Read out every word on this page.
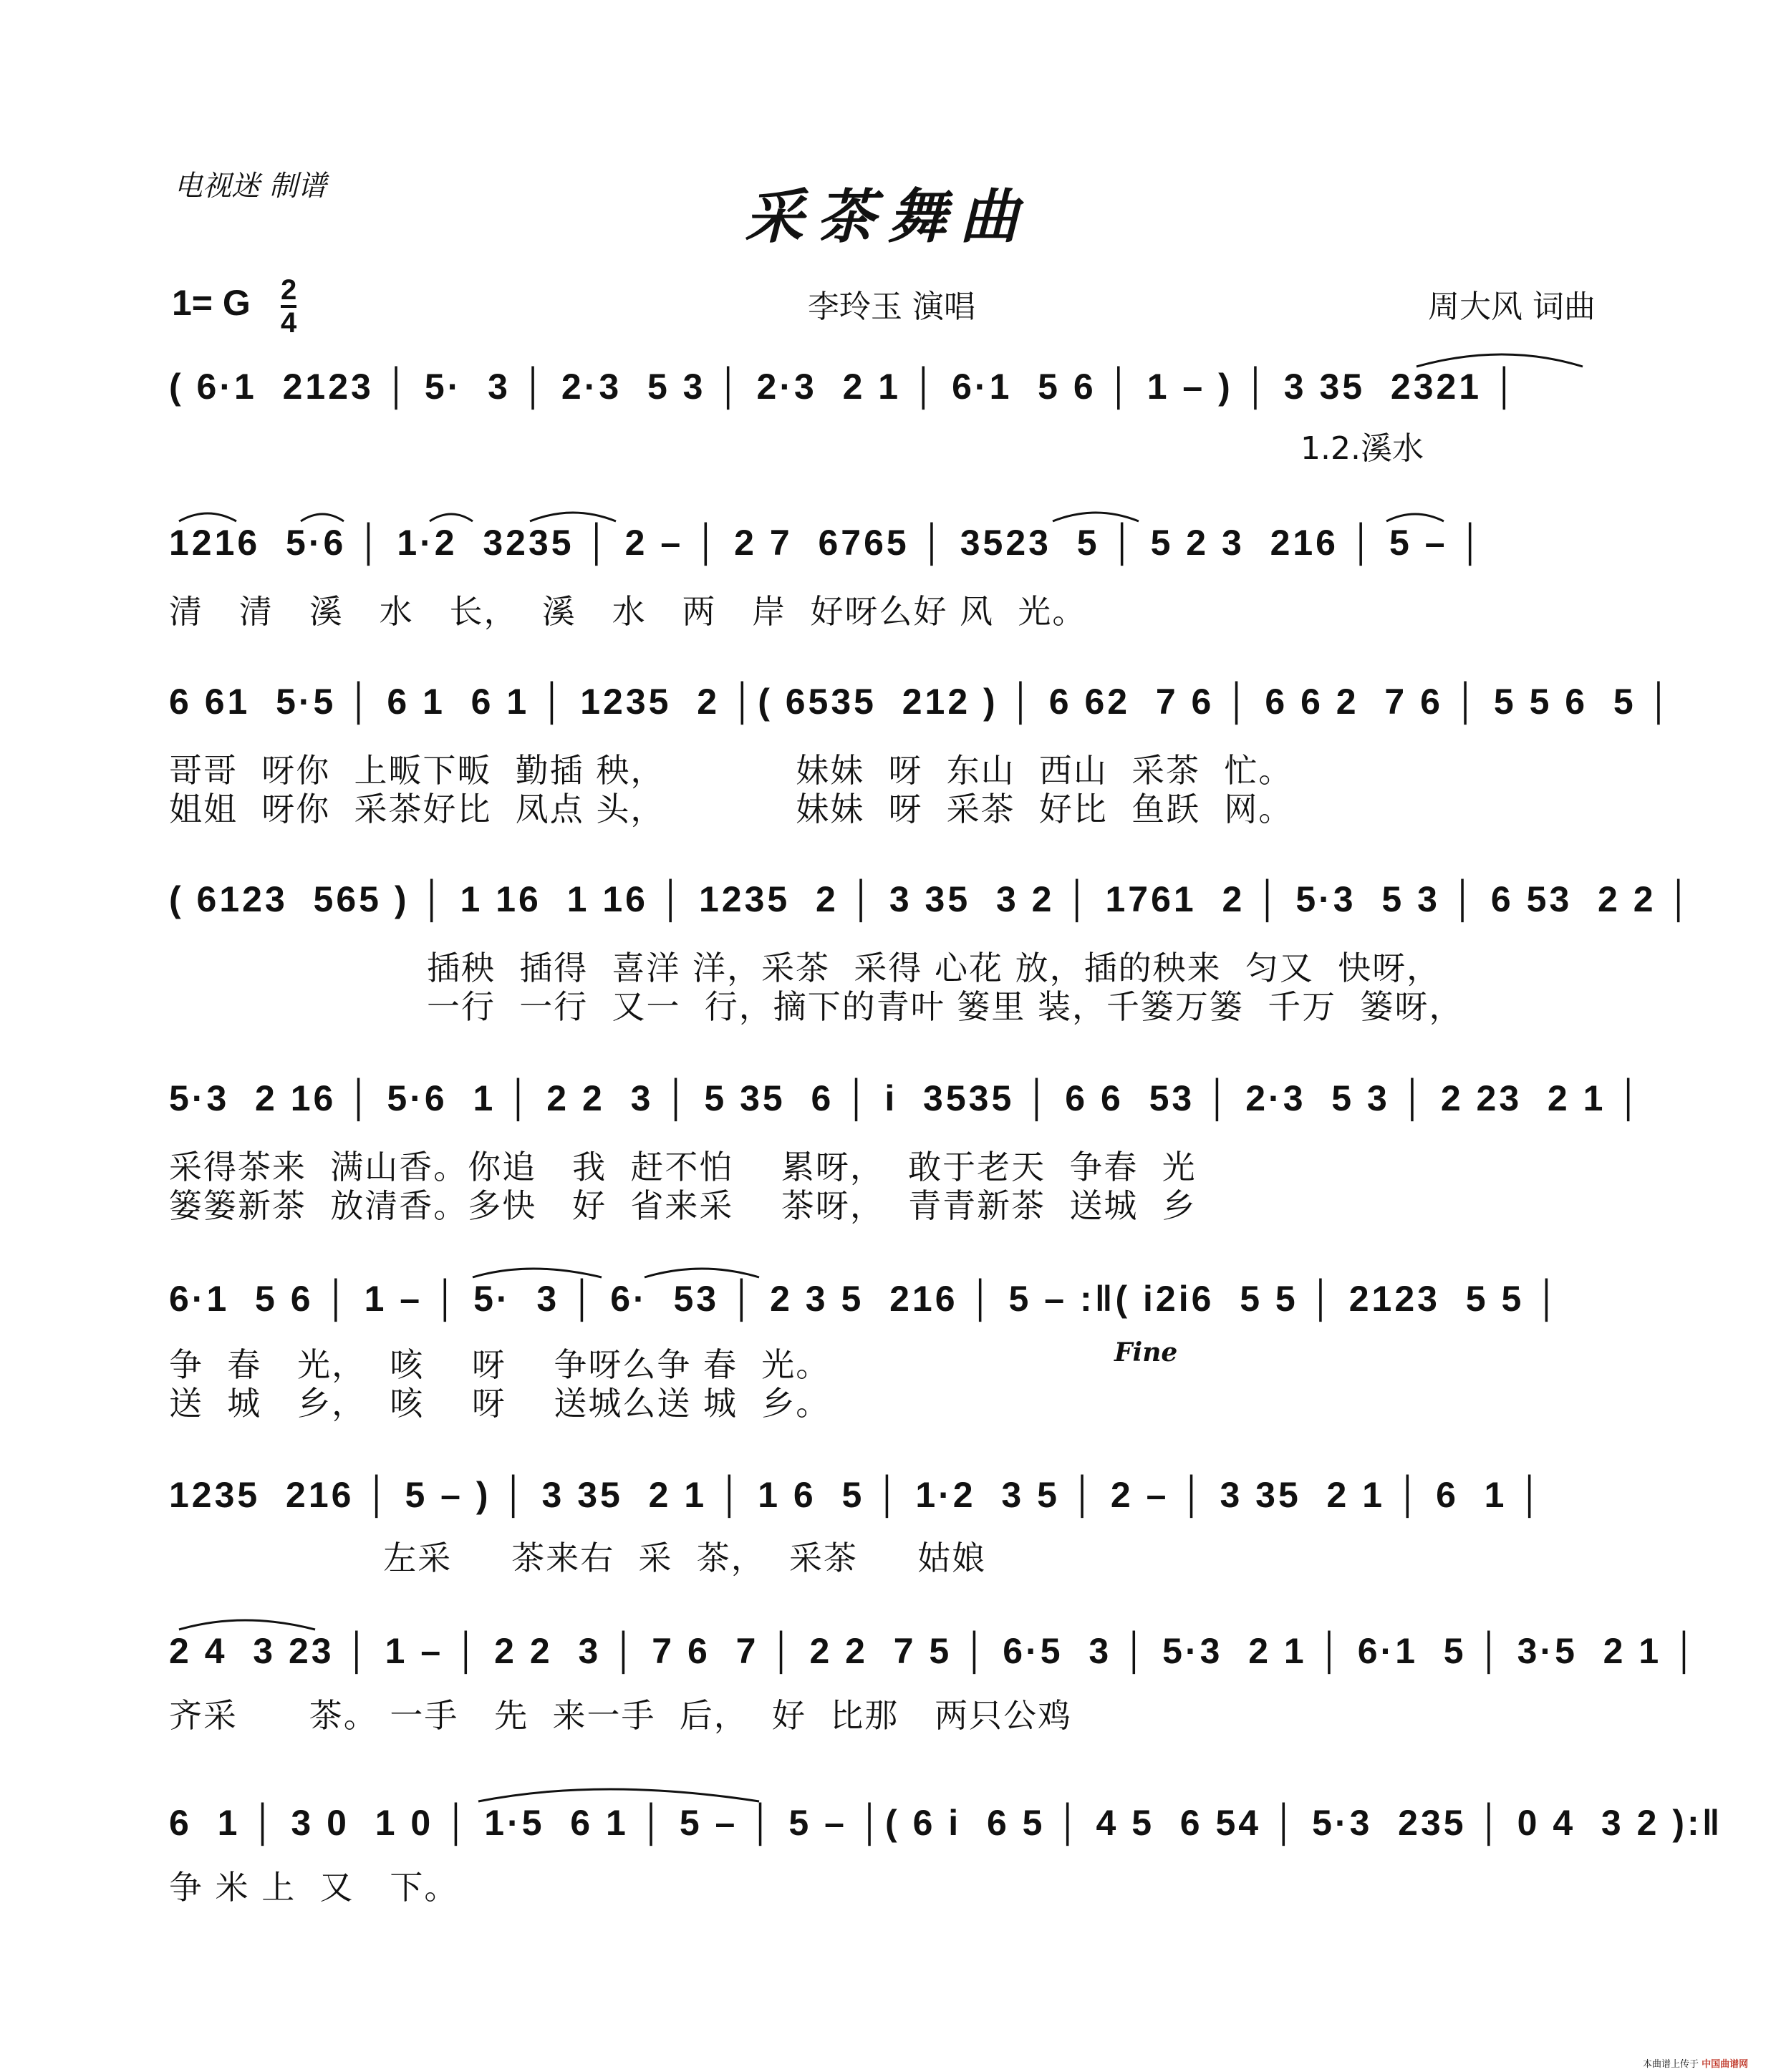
电视迷 制谱	采茶舞曲
1= G 2
4	李玲玉 演唱	周大风 词曲
( 6·1  2123 │ 5·  3 │ 2·3  5 3 │ 2·3  2 1 │ 6·1  5 6 │ 1 – ) │ 3 35  2321 │
1.2.溪水
1216  5·6 │ 1·2  3235 │ 2 – │ 2 7  6765 │ 3523  5 │ 5 2 3  216 │ 5 – │
清   清   溪   水   长，  溪   水   两   岸  好呀么好 风  光。
6 61  5·5 │ 6 1  6 1 │ 1235  2 │( 6535  212 ) │ 6 62  7 6 │ 6 6 2  7 6 │ 5 5 6  5 │
哥哥  呀你  上畈下畈  勤插 秧，           妹妹  呀  东山  西山  采茶  忙。
姐姐  呀你  采茶好比  凤点 头，           妹妹  呀  采茶  好比  鱼跃  网。
( 6123  565 ) │ 1 16  1 16 │ 1235  2 │ 3 35  3 2 │ 1761  2 │ 5·3  5 3 │ 6 53  2 2 │
插秧  插得  喜洋 洋，采茶  采得 心花 放，插的秧来  匀又  快呀，
一行  一行  又一  行，摘下的青叶 篓里 装，千篓万篓  千万  篓呀，
5·3  2 16 │ 5·6  1 │ 2 2  3 │ 5 35  6 │ i  3535 │ 6 6  53 │ 2·3  5 3 │ 2 23  2 1 │
采得茶来  满山香。你追   我  赶不怕    累呀，  敢于老天  争春  光
篓篓新茶  放清香。多快   好  省来采    茶呀，  青青新茶  送城  乡
6·1  5 6 │ 1 – │ 5·  3 │ 6·  53 │ 2 3 5  216 │ 5 – :‖( i2i6  5 5 │ 2123  5 5 │
争  春   光，  咳    呀    争呀么争 春  光。
送  城   乡，  咳    呀    送城么送 城  乡。
Fine
1235  216 │ 5 – ) │ 3 35  2 1 │ 1 6  5 │ 1·2  3 5 │ 2 – │ 3 35  2 1 │ 6  1 │
左采     茶来右  采  茶，  采茶     姑娘
2 4  3 23 │ 1 – │ 2 2  3 │ 7 6  7 │ 2 2  7 5 │ 6·5  3 │ 5·3  2 1 │ 6·1  5 │ 3·5  2 1 │
齐采      茶。 一手   先  来一手  后，  好  比那   两只公鸡
6  1 │ 3 0  1 0 │ 1·5  6 1 │ 5 – │ 5 – │( 6 i  6 5 │ 4 5  6 54 │ 5·3  235 │ 0 4  3 2 ):‖
争 米 上  又   下。
本曲谱上传于 中国曲谱网
